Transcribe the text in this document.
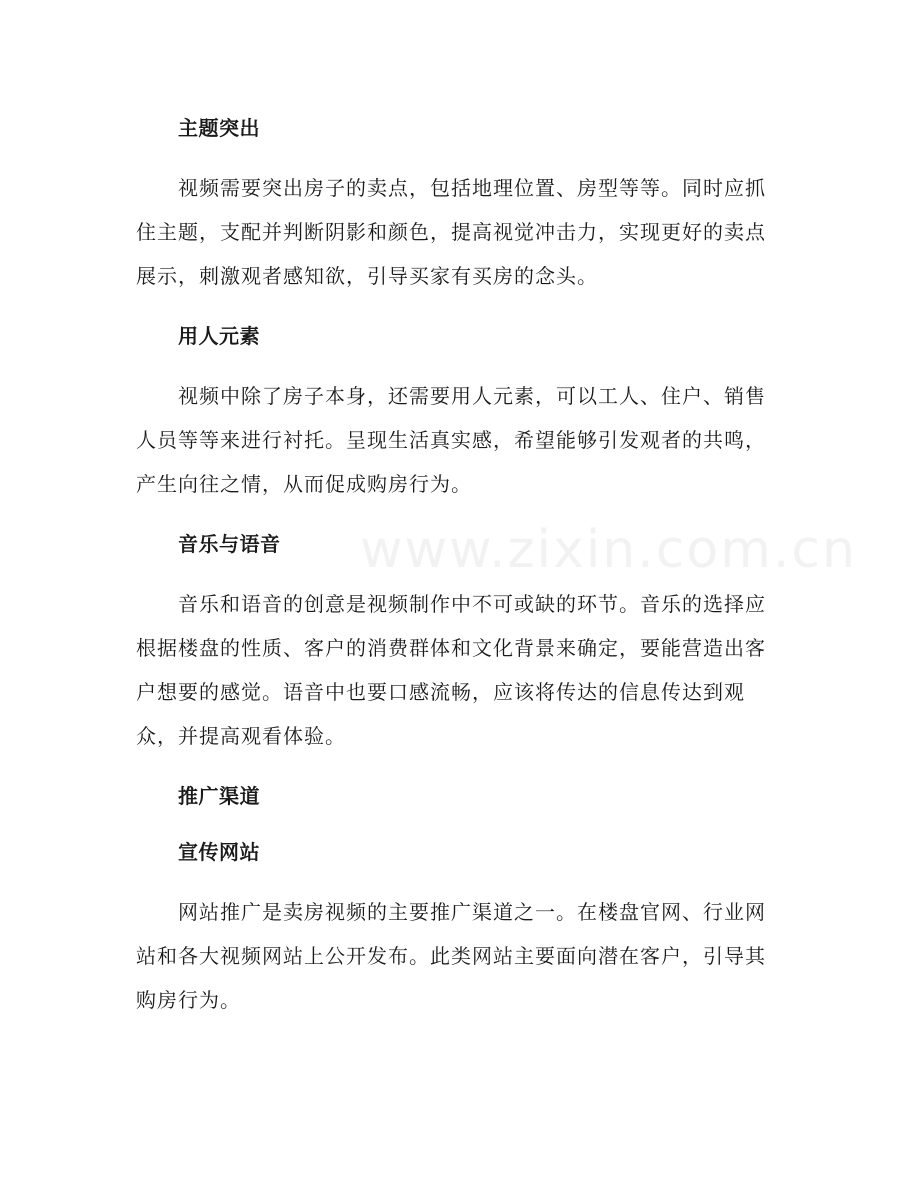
www.zixin.com.cn

主题突出

视频需要突出房子的卖点，包括地理位置、房型等等。同时应抓住主题，支配并判断阴影和颜色，提高视觉冲击力，实现更好的卖点展示，刺激观者感知欲，引导买家有买房的念头。

用人元素

视频中除了房子本身，还需要用人元素，可以工人、住户、销售人员等等来进行衬托。呈现生活真实感，希望能够引发观者的共鸣，产生向往之情，从而促成购房行为。

音乐与语音

音乐和语音的创意是视频制作中不可或缺的环节。音乐的选择应根据楼盘的性质、客户的消费群体和文化背景来确定，要能营造出客户想要的感觉。语音中也要口感流畅，应该将传达的信息传达到观众，并提高观看体验。

推广渠道

宣传网站

网站推广是卖房视频的主要推广渠道之一。在楼盘官网、行业网站和各大视频网站上公开发布。此类网站主要面向潜在客户，引导其购房行为。
